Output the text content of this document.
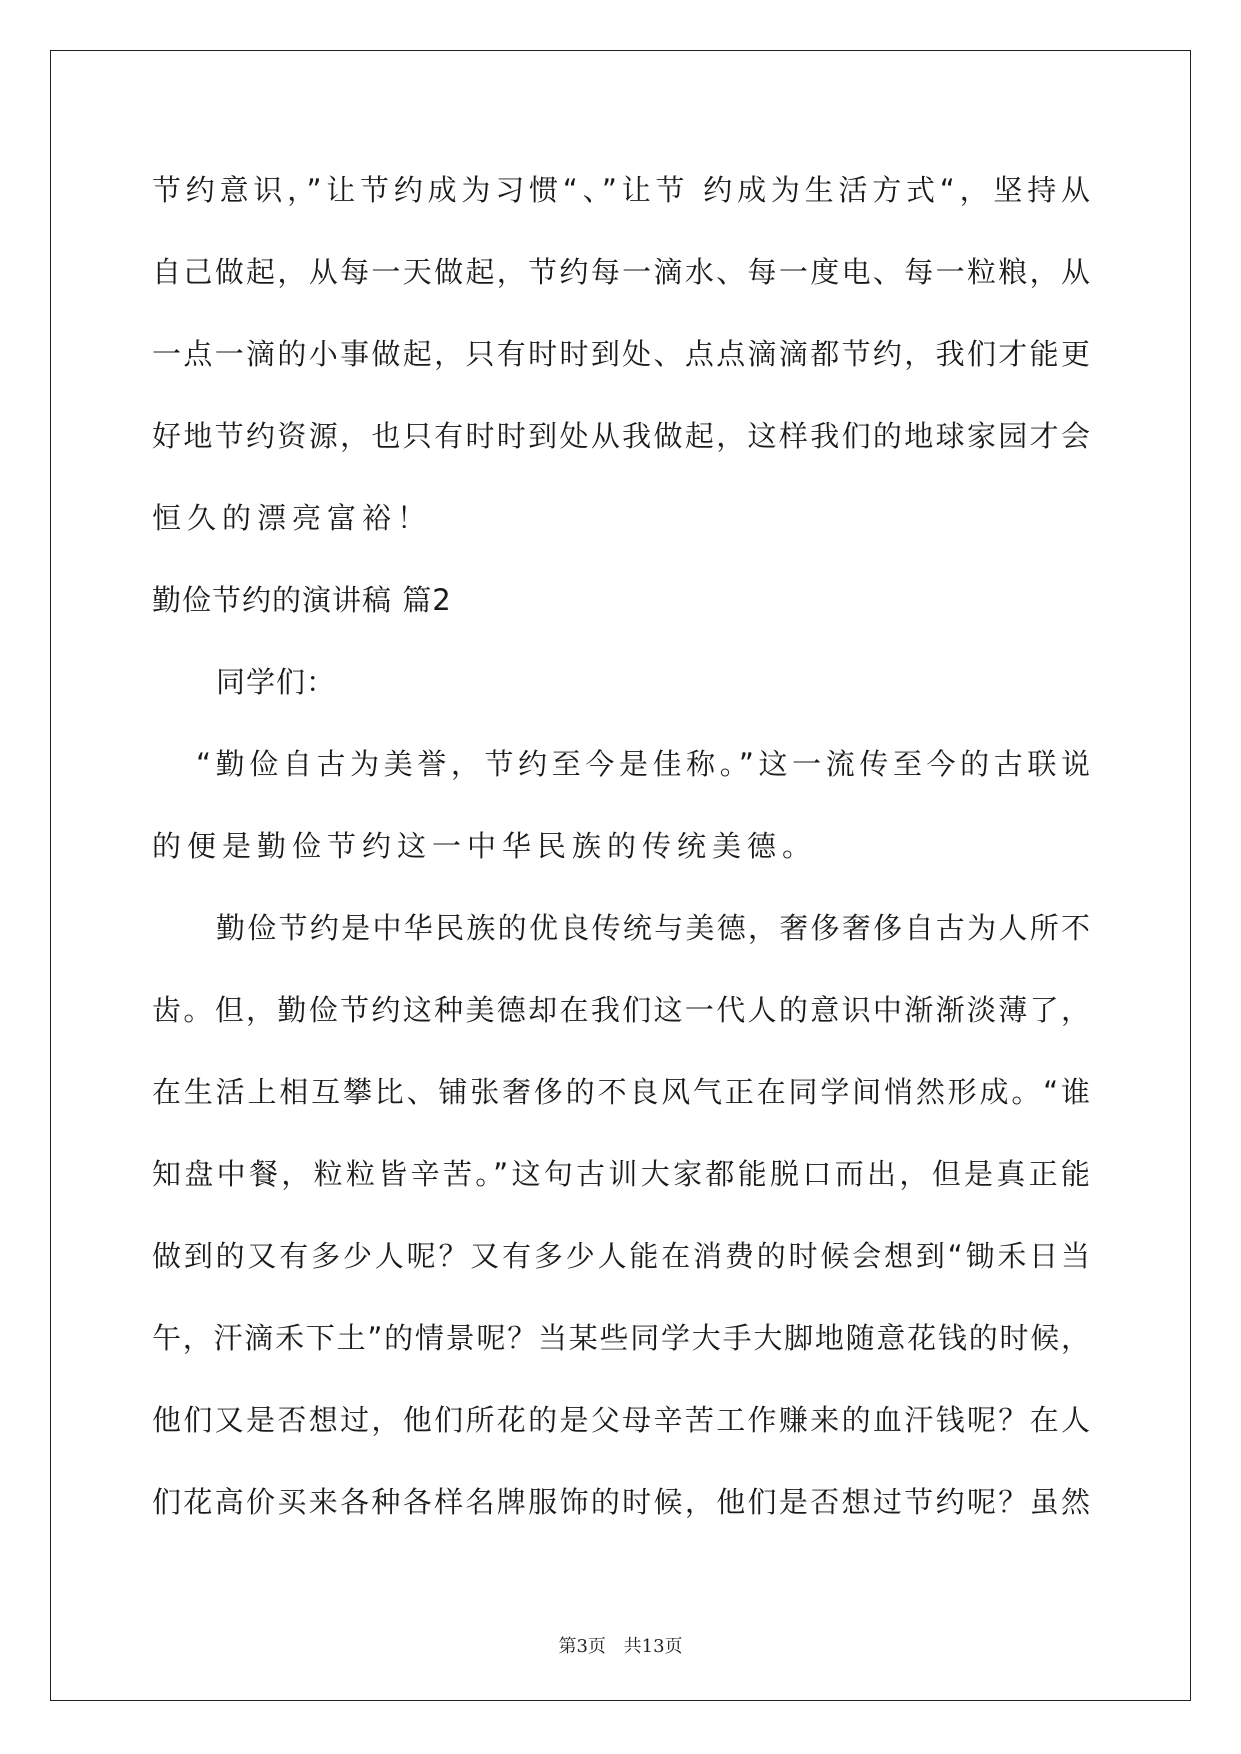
节约意识，”让节约成为习惯“、”让节 约成为生活方式“，坚持从
自己做起，从每一天做起，节约每一滴水、每一度电、每一粒粮，从
一点一滴的小事做起，只有时时到处、点点滴滴都节约，我们才能更
好地节约资源，也只有时时到处从我做起，这样我们的地球家园才会
恒久的漂亮富裕！
勤俭节约的演讲稿 篇2
同学们：
“勤俭自古为美誉，节约至今是佳称。”这一流传至今的古联说
的便是勤俭节约这一中华民族的传统美德。
勤俭节约是中华民族的优良传统与美德，奢侈奢侈自古为人所不
齿。但，勤俭节约这种美德却在我们这一代人的意识中渐渐淡薄了，
在生活上相互攀比、铺张奢侈的不良风气正在同学间悄然形成。“谁
知盘中餐，粒粒皆辛苦。”这句古训大家都能脱口而出，但是真正能
做到的又有多少人呢？又有多少人能在消费的时候会想到“锄禾日当
午，汗滴禾下土”的情景呢？当某些同学大手大脚地随意花钱的时候，
他们又是否想过，他们所花的是父母辛苦工作赚来的血汗钱呢？在人
们花高价买来各种各样名牌服饰的时候，他们是否想过节约呢？虽然
第3页 共13页
